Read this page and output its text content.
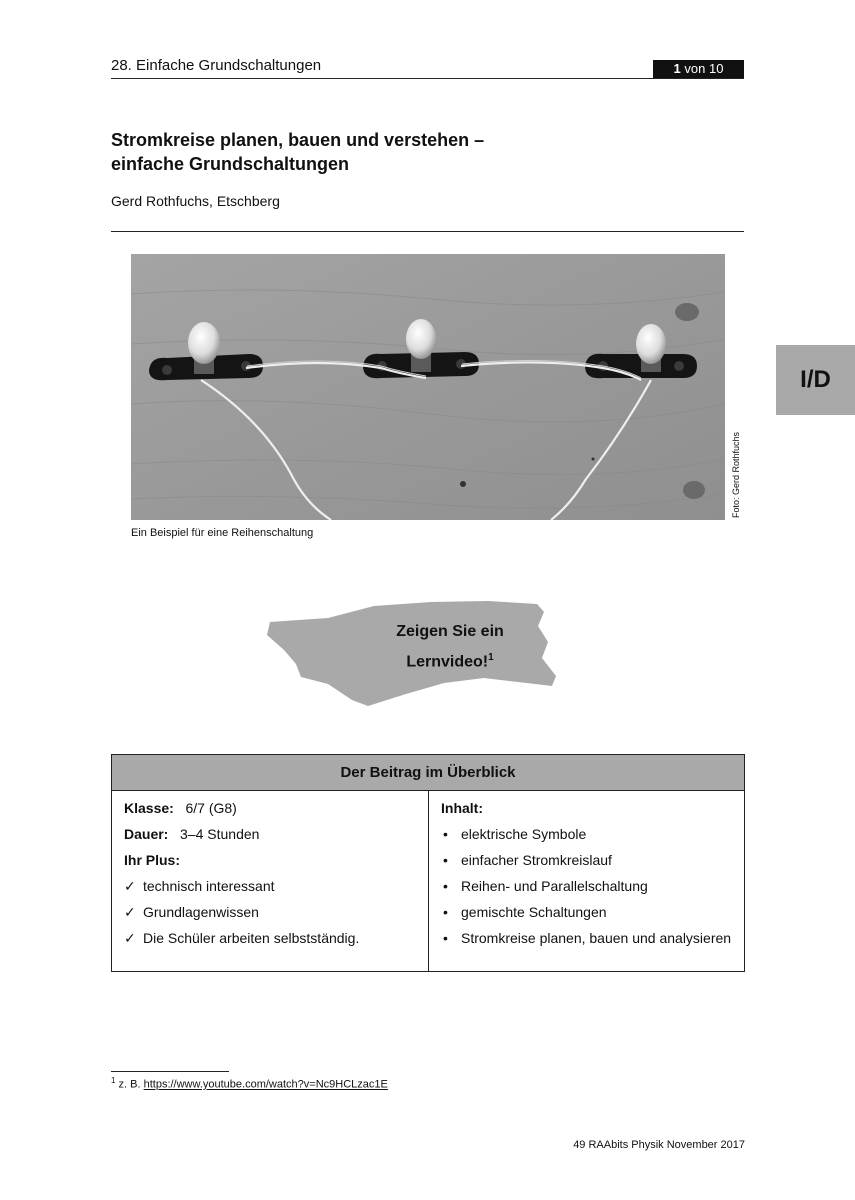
28. Einfache Grundschaltungen	1 von 10
Stromkreise planen, bauen und verstehen –
einfache Grundschaltungen
Gerd Rothfuchs, Etschberg
Foto: Gerd Rothfuchs
Ein Beispiel für eine Reihenschaltung
I/D
Zeigen Sie ein
Lernvideo!$^1$
Der Beitrag im Überblick
Klasse: 6/7 (G8)
Dauer: 3–4 Stunden
Ihr Plus:
✓ technisch interessant
✓ Grundlagenwissen
✓ Die Schüler arbeiten selbstständig.
Inhalt:
• elektrische Symbole
• einfacher Stromkreislauf
• Reihen- und Parallelschaltung
• gemischte Schaltungen
• Stromkreise planen, bauen und analysieren
$^1$ z. B. https://www.youtube.com/watch?v=Nc9HCLzac1E
49 RAAbits Physik November 2017
